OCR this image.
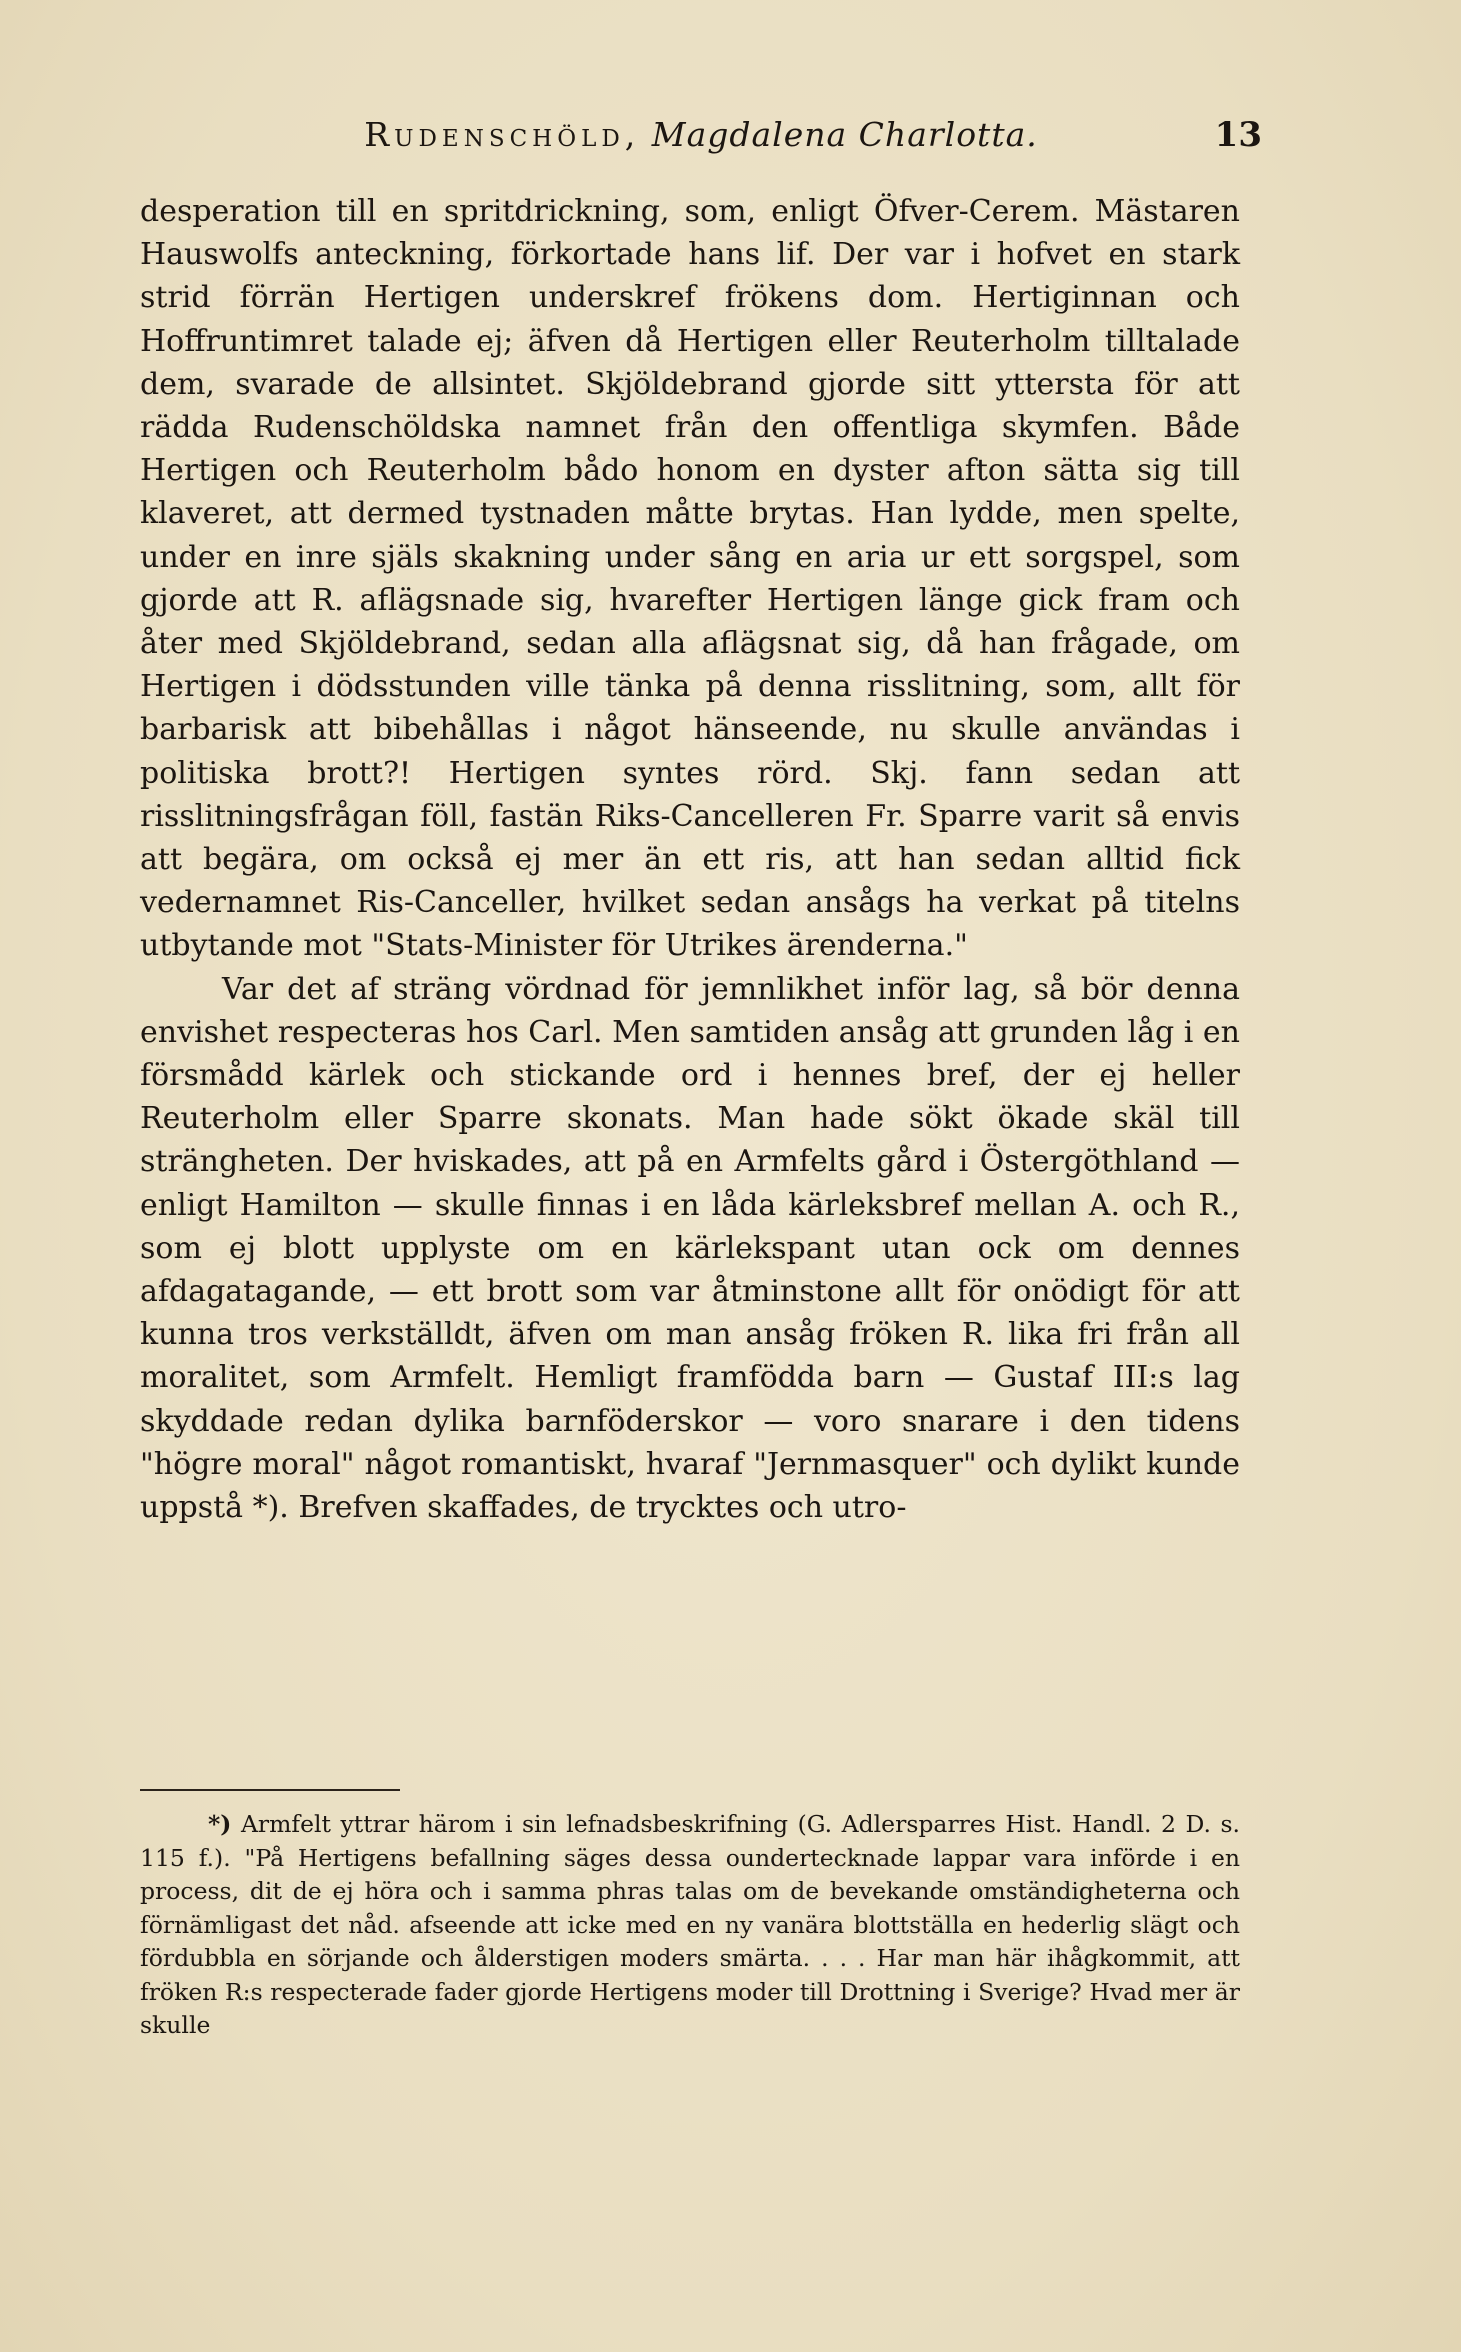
Rudenschöld, Magdalena Charlotta.	13

desperation till en spritdrickning, som, enligt Öfver-Cerem. Mästaren Hauswolfs anteckning, förkortade hans lif. Der var i hofvet en stark strid förrän Hertigen underskref frökens dom. Hertiginnan och Hoffruntimret talade ej; äfven då Hertigen eller Reuterholm tilltalade dem, svarade de allsintet. Skjöldebrand gjorde sitt yttersta för att rädda Rudenschöldska namnet från den offentliga skymfen. Både Hertigen och Reuterholm bådo honom en dyster afton sätta sig till klaveret, att dermed tystnaden måtte brytas. Han lydde, men spelte, under en inre själs skakning under sång en aria ur ett sorgspel, som gjorde att R. aflägsnade sig, hvarefter Hertigen länge gick fram och åter med Skjöldebrand, sedan alla aflägsnat sig, då han frågade, om Hertigen i dödsstunden ville tänka på denna risslitning, som, allt för barbarisk att bibehållas i något hänseende, nu skulle användas i politiska brott?! Hertigen syntes rörd. Skj. fann sedan att risslitningsfrågan föll, fastän Riks-Cancelleren Fr. Sparre varit så envis att begära, om också ej mer än ett ris, att han sedan alltid fick vedernamnet Ris-Canceller, hvilket sedan ansågs ha verkat på titelns utbytande mot "Stats-Minister för Utrikes ärenderna."

Var det af sträng vördnad för jemnlikhet inför lag, så bör denna envishet respecteras hos Carl. Men samtiden ansåg att grunden låg i en försmådd kärlek och stickande ord i hennes bref, der ej heller Reuterholm eller Sparre skonats. Man hade sökt ökade skäl till strängheten. Der hviskades, att på en Armfelts gård i Östergöthland — enligt Hamilton — skulle finnas i en låda kärleksbref mellan A. och R., som ej blott upplyste om en kärlekspant utan ock om dennes afdagatagande, — ett brott som var åtminstone allt för onödigt för att kunna tros verkställdt, äfven om man ansåg fröken R. lika fri från all moralitet, som Armfelt. Hemligt framfödda barn — Gustaf III:s lag skyddade redan dylika barnföderskor — voro snarare i den tidens "högre moral" något romantiskt, hvaraf "Jernmasquer" och dylikt kunde uppstå *). Brefven skaffades, de trycktes och utro-

*) Armfelt yttrar härom i sin lefnadsbeskrifning (G. Adlersparres Hist. Handl. 2 D. s. 115 f.). "På Hertigens befallning säges dessa oundertecknade lappar vara införde i en process, dit de ej höra och i samma phras talas om de bevekande omständigheterna och förnämligast det nåd. afseende att icke med en ny vanära blottställa en hederlig slägt och fördubbla en sörjande och ålderstigen moders smärta. . . . Har man här ihågkommit, att fröken R:s respecterade fader gjorde Hertigens moder till Drottning i Sverige? Hvad mer är skulle
